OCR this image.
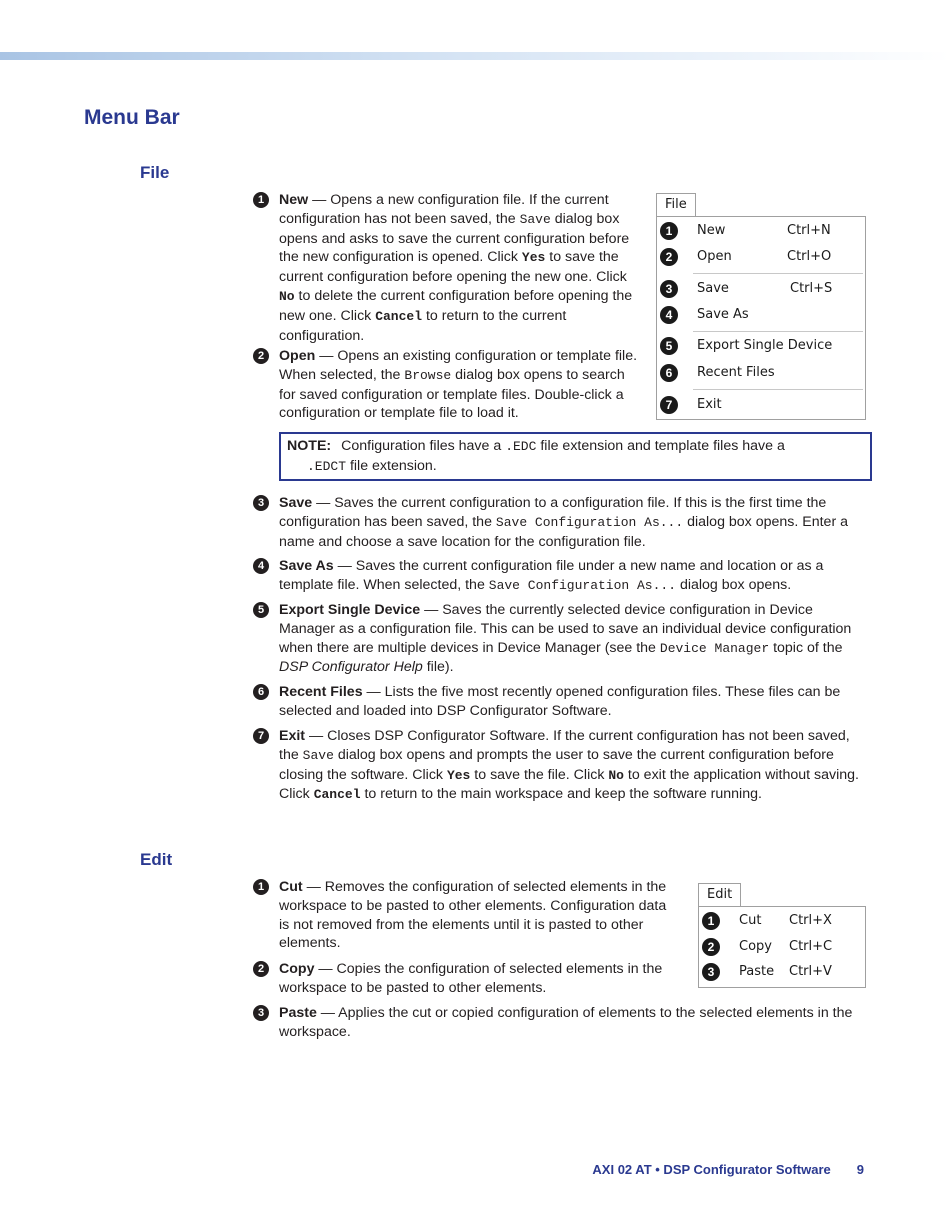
Menu Bar
File
1	New — Opens a new configuration file. If the current configuration has not been saved, the Save dialog box opens and asks to save the current configuration before the new configuration is opened. Click Yes to save the current configuration before opening the new one. Click No to delete the current configuration before opening the new one. Click Cancel to return to the current configuration.
2	Open — Opens an existing configuration or template file. When selected, the Browse dialog box opens to search for saved configuration or template files. Double-click a configuration or template file to load it.
NOTE: Configuration files have a .EDC file extension and template files have a
.EDCT file extension.
3	Save — Saves the current configuration to a configuration file. If this is the first time the configuration has been saved, the Save Configuration As... dialog box opens. Enter a name and choose a save location for the configuration file.
4	Save As — Saves the current configuration file under a new name and location or as a template file. When selected, the Save Configuration As... dialog box opens.
5	Export Single Device — Saves the currently selected device configuration in Device Manager as a configuration file. This can be used to save an individual device configuration when there are multiple devices in Device Manager (see the Device Manager topic of the DSP Configurator Help file).
6	Recent Files — Lists the five most recently opened configuration files. These files can be selected and loaded into DSP Configurator Software.
7	Exit — Closes DSP Configurator Software. If the current configuration has not been saved, the Save dialog box opens and prompts the user to save the current configuration before closing the software. Click Yes to save the file. Click No to exit the application without saving. Click Cancel to return to the main workspace and keep the software running.
File
1	New	Ctrl+N
2	Open	Ctrl+O
3	Save	Ctrl+S
4	Save As
5	Export Single Device
6	Recent Files
7	Exit
Edit
1	Cut — Removes the configuration of selected elements in the workspace to be pasted to other elements. Configuration data is not removed from the elements until it is pasted to other elements.
2	Copy — Copies the configuration of selected elements in the workspace to be pasted to other elements.
3	Paste — Applies the cut or copied configuration of elements to the selected elements in the workspace.
Edit
1	Cut Ctrl+X
2	Copy Ctrl+C
3	Paste Ctrl+V
AXI 02 AT • DSP Configurator Software 9
